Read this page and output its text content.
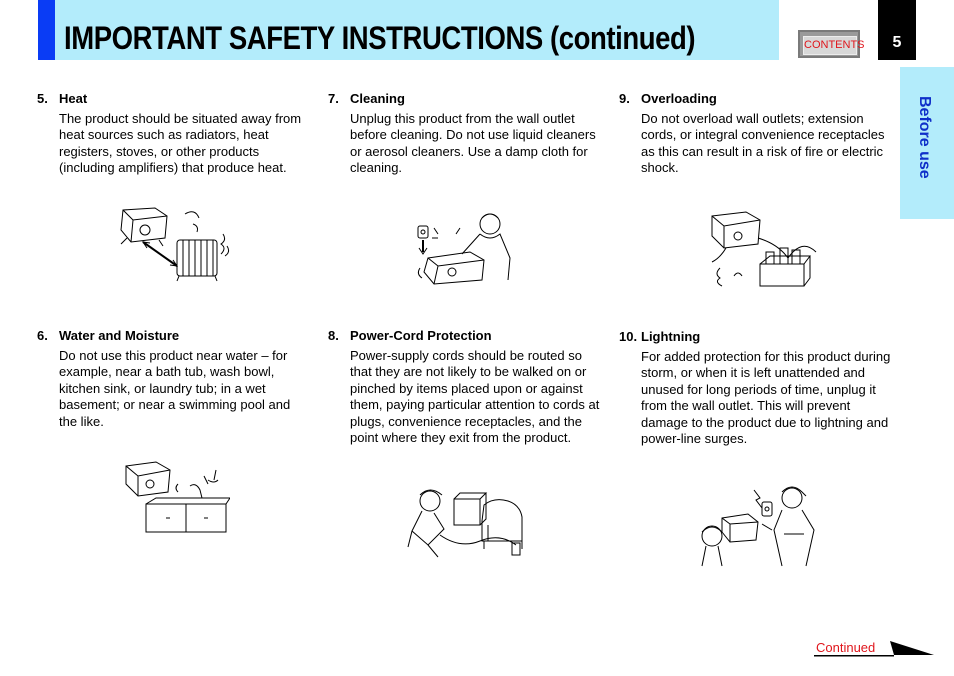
IMPORTANT SAFETY INSTRUCTIONS (continued)	CONTENTS	5
Before use
5. Heat

The product should be situated away from heat sources such as radiators, heat registers, stoves, or other products (including amplifiers) that produce heat.

6. Water and Moisture

Do not use this product near water – for example, near a bath tub, wash bowl, kitchen sink, or laundry tub; in a wet basement; or near a swimming pool and the like.

7. Cleaning

Unplug this product from the wall outlet before cleaning. Do not use liquid cleaners or aerosol cleaners. Use a damp cloth for cleaning.

8. Power-Cord Protection

Power-supply cords should be routed so that they are not likely to be walked on or pinched by items placed upon or against them, paying particular attention to cords at plugs, convenience receptacles, and the point where they exit from the product.

9. Overloading

Do not overload wall outlets; extension cords, or integral convenience receptacles as this can result in a risk of fire or electric shock.

10. Lightning

For added protection for this product during storm, or when it is left unattended and unused for long periods of time, unplug it from the wall outlet. This will prevent damage to the product due to lightning and power-line surges.

Continued
